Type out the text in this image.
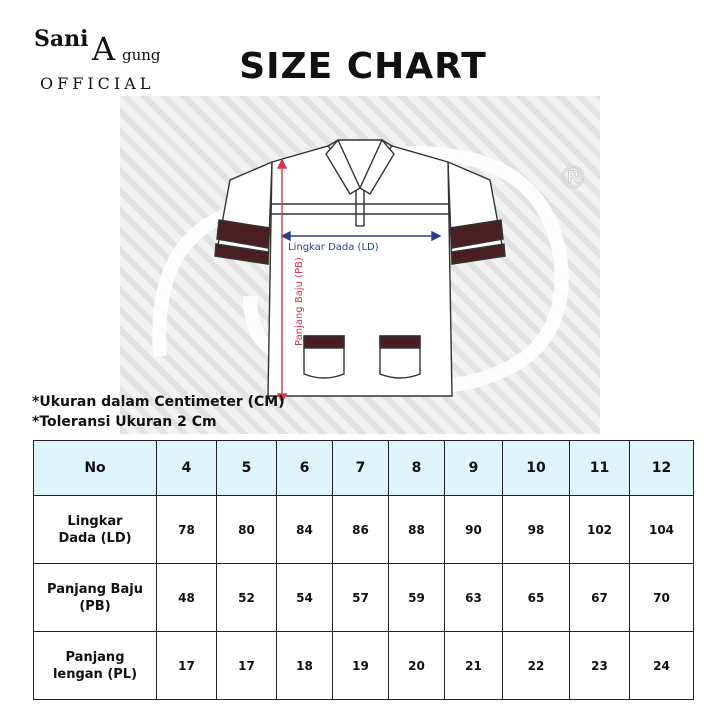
Sani A gung
OFFICIAL	SIZE CHART
®
Lingkar Dada (LD)
Panjang Baju (PB)
*Ukuran dalam Centimeter (CM)
*Toleransi Ukuran 2 Cm
No	4	5	6	7	8	9	10	11	12
Lingkar
Dada (LD)	78	80	84	86	88	90	98	102	104
Panjang Baju
(PB)	48	52	54	57	59	63	65	67	70
Panjang
lengan (PL)	17	17	18	19	20	21	22	23	24
